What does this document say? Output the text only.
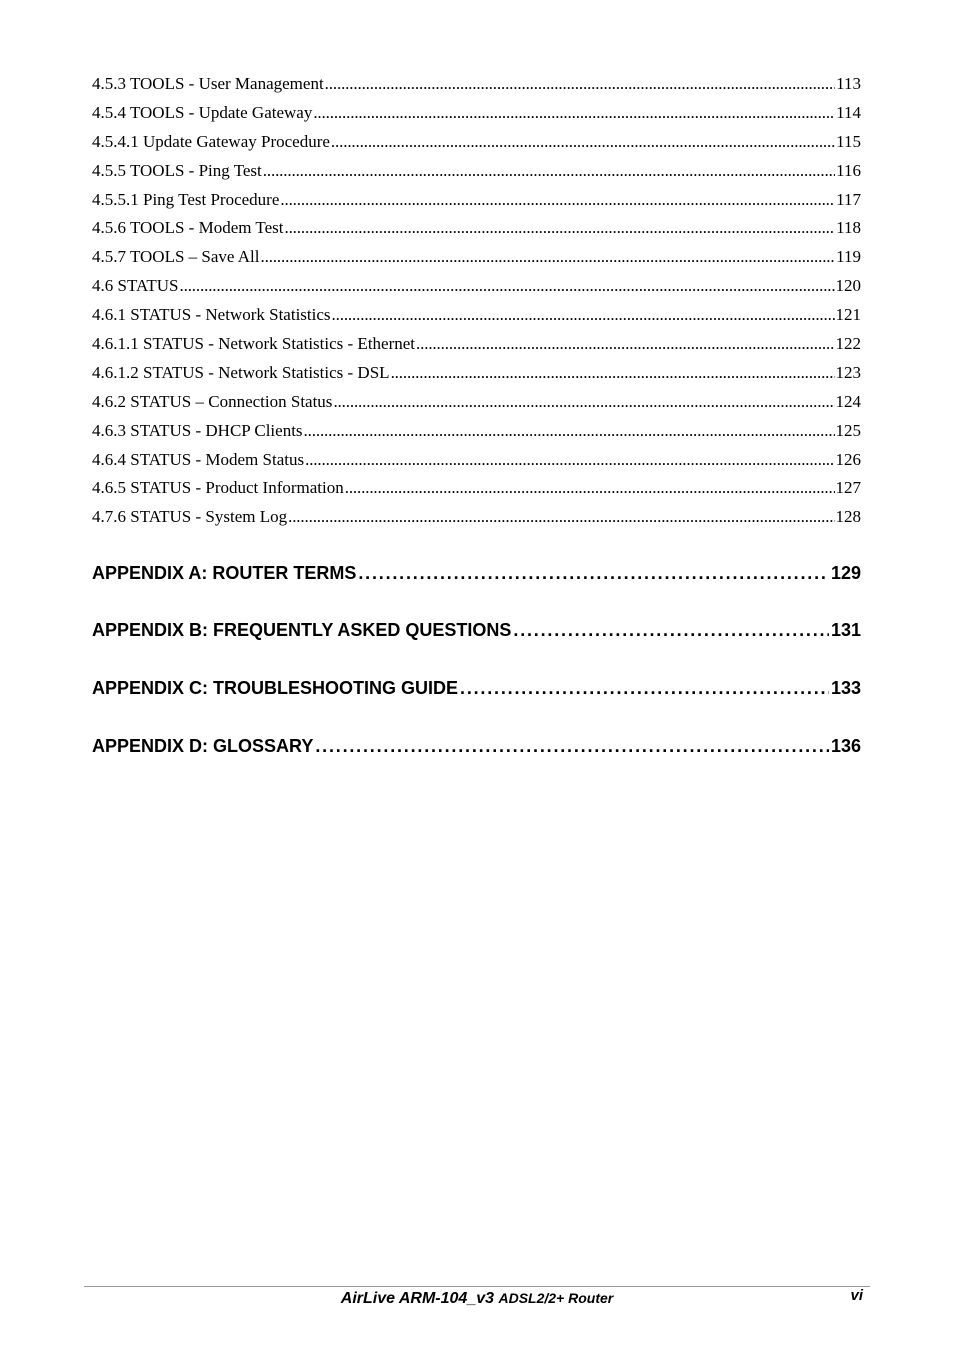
4.5.3 TOOLS - User Management . . .	113
4.5.4 TOOLS - Update Gateway . . .	114
4.5.4.1 Update Gateway Procedure . . .	115
4.5.5 TOOLS - Ping Test . . .	116
4.5.5.1 Ping Test Procedure . . .	117
4.5.6 TOOLS - Modem Test . . .	118
4.5.7 TOOLS – Save All . . .	119
4.6 STATUS . . .	120
4.6.1 STATUS - Network Statistics . . .	121
4.6.1.1 STATUS - Network Statistics - Ethernet . . .	122
4.6.1.2 STATUS - Network Statistics - DSL . . .	123
4.6.2 STATUS – Connection Status . . .	124
4.6.3 STATUS - DHCP Clients . . .	125
4.6.4 STATUS - Modem Status . . .	126
4.6.5 STATUS - Product Information . . .	127
4.7.6 STATUS - System Log . . .	128
APPENDIX A: ROUTER TERMS . . .	129
APPENDIX B: FREQUENTLY ASKED QUESTIONS . . .	131
APPENDIX C: TROUBLESHOOTING GUIDE . . .	133
APPENDIX D: GLOSSARY . . .	136
AirLive ARM-104_v3 ADSL2/2+ Router	vi
